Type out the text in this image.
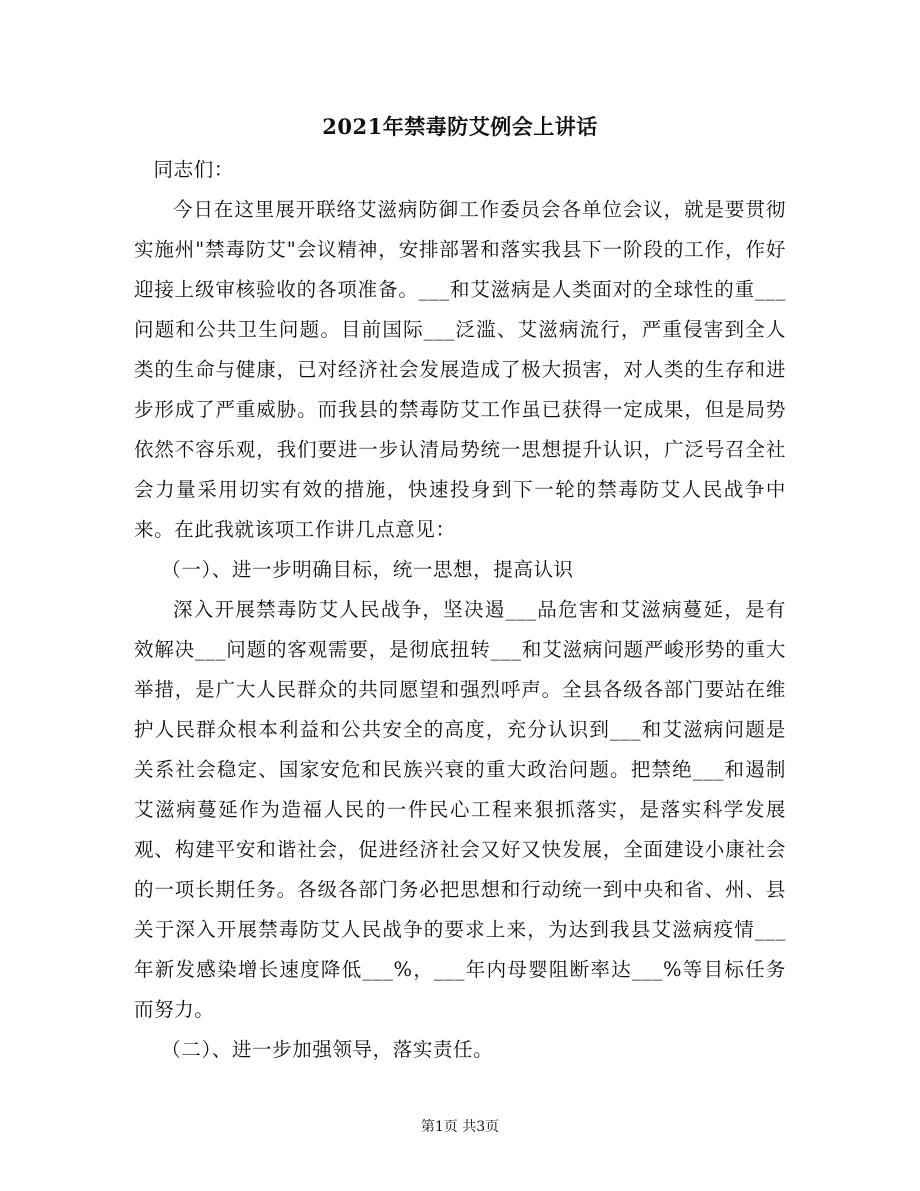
2021年禁毒防艾例会上讲话

同志们：

今日在这里展开联络艾滋病防御工作委员会各单位会议，就是要贯彻实施州"禁毒防艾"会议精神，安排部署和落实我县下一阶段的工作，作好迎接上级审核验收的各项准备。___和艾滋病是人类面对的全球性的重___问题和公共卫生问题。目前国际___泛滥、艾滋病流行，严重侵害到全人类的生命与健康，已对经济社会发展造成了极大损害，对人类的生存和进步形成了严重威胁。而我县的禁毒防艾工作虽已获得一定成果，但是局势依然不容乐观，我们要进一步认清局势统一思想提升认识，广泛号召全社会力量采用切实有效的措施，快速投身到下一轮的禁毒防艾人民战争中来。在此我就该项工作讲几点意见：

（一）、进一步明确目标，统一思想，提高认识

深入开展禁毒防艾人民战争，坚决遏___品危害和艾滋病蔓延，是有效解决___问题的客观需要，是彻底扭转___和艾滋病问题严峻形势的重大举措，是广大人民群众的共同愿望和强烈呼声。全县各级各部门要站在维护人民群众根本利益和公共安全的高度，充分认识到___和艾滋病问题是关系社会稳定、国家安危和民族兴衰的重大政治问题。把禁绝___和遏制艾滋病蔓延作为造福人民的一件民心工程来狠抓落实，是落实科学发展观、构建平安和谐社会，促进经济社会又好又快发展，全面建设小康社会的一项长期任务。各级各部门务必把思想和行动统一到中央和省、州、县关于深入开展禁毒防艾人民战争的要求上来，为达到我县艾滋病疫情___年新发感染增长速度降低___%，___年内母婴阻断率达___%等目标任务而努力。

（二）、进一步加强领导，落实责任。

第1页 共3页
